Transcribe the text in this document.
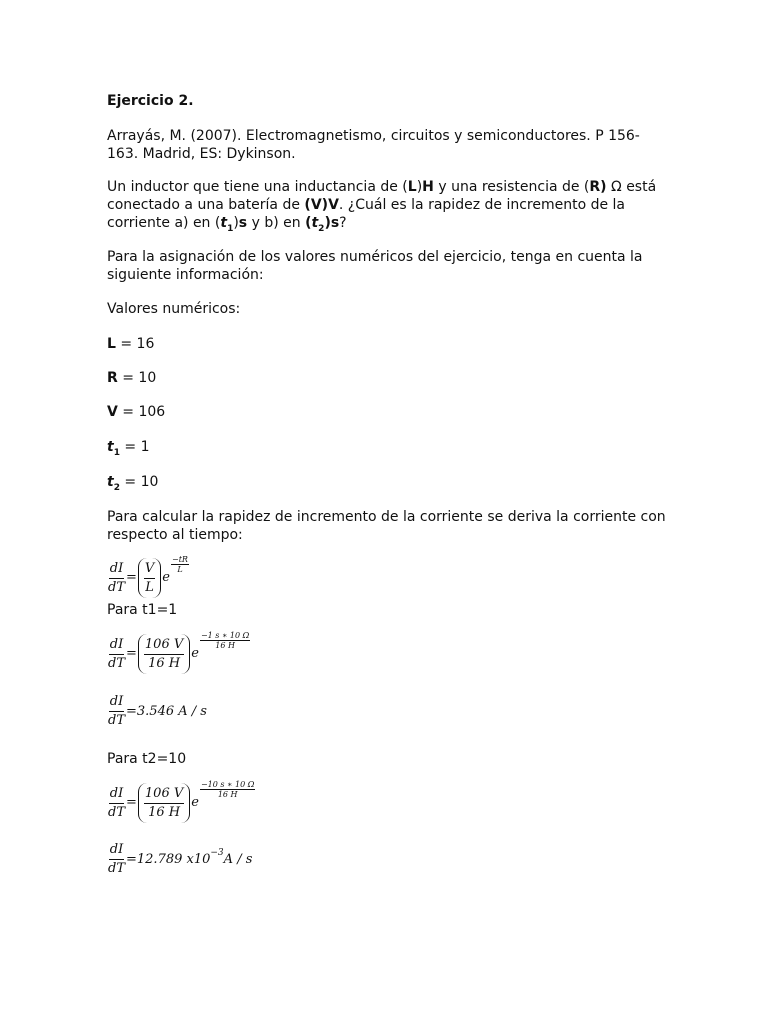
Ejercicio 2.

Arrayás, M. (2007). Electromagnetismo, circuitos y semiconductores. P 156-163. Madrid, ES: Dykinson.

Un inductor que tiene una inductancia de (L)H y una resistencia de (R) Ω está conectado a una batería de (V)V. ¿Cuál es la rapidez de incremento de la corriente a) en $(t_1)s$ y b) en $(t_2)s$?

Para la asignación de los valores numéricos del ejercicio, tenga en cuenta la siguiente información:

Valores numéricos:

L = 16

R = 10

V = 106

$t_1 = 1$

$t_2 = 10$

Para calcular la rapidez de incremento de la corriente se deriva la corriente con respecto al tiempo:

$\frac{dI}{dT} = \frac{V}{L}$ e
$\frac{-tR}{L}$

Para t1=1

$\frac{dI}{dT} = \frac{106 V}{16 H}$ e
$\frac{-1 s ∗ 10 \Omega}{16 H}$
$\frac{dI}{dT} =3.546$ A / s

Para t2=10

$\frac{dI}{dT} = \frac{106 V}{16 H}$ e
$\frac{-10 s ∗ 10 \Omega}{16 H}$
$\frac{dI}{dT} =12.789$ x10 −3 A / s
